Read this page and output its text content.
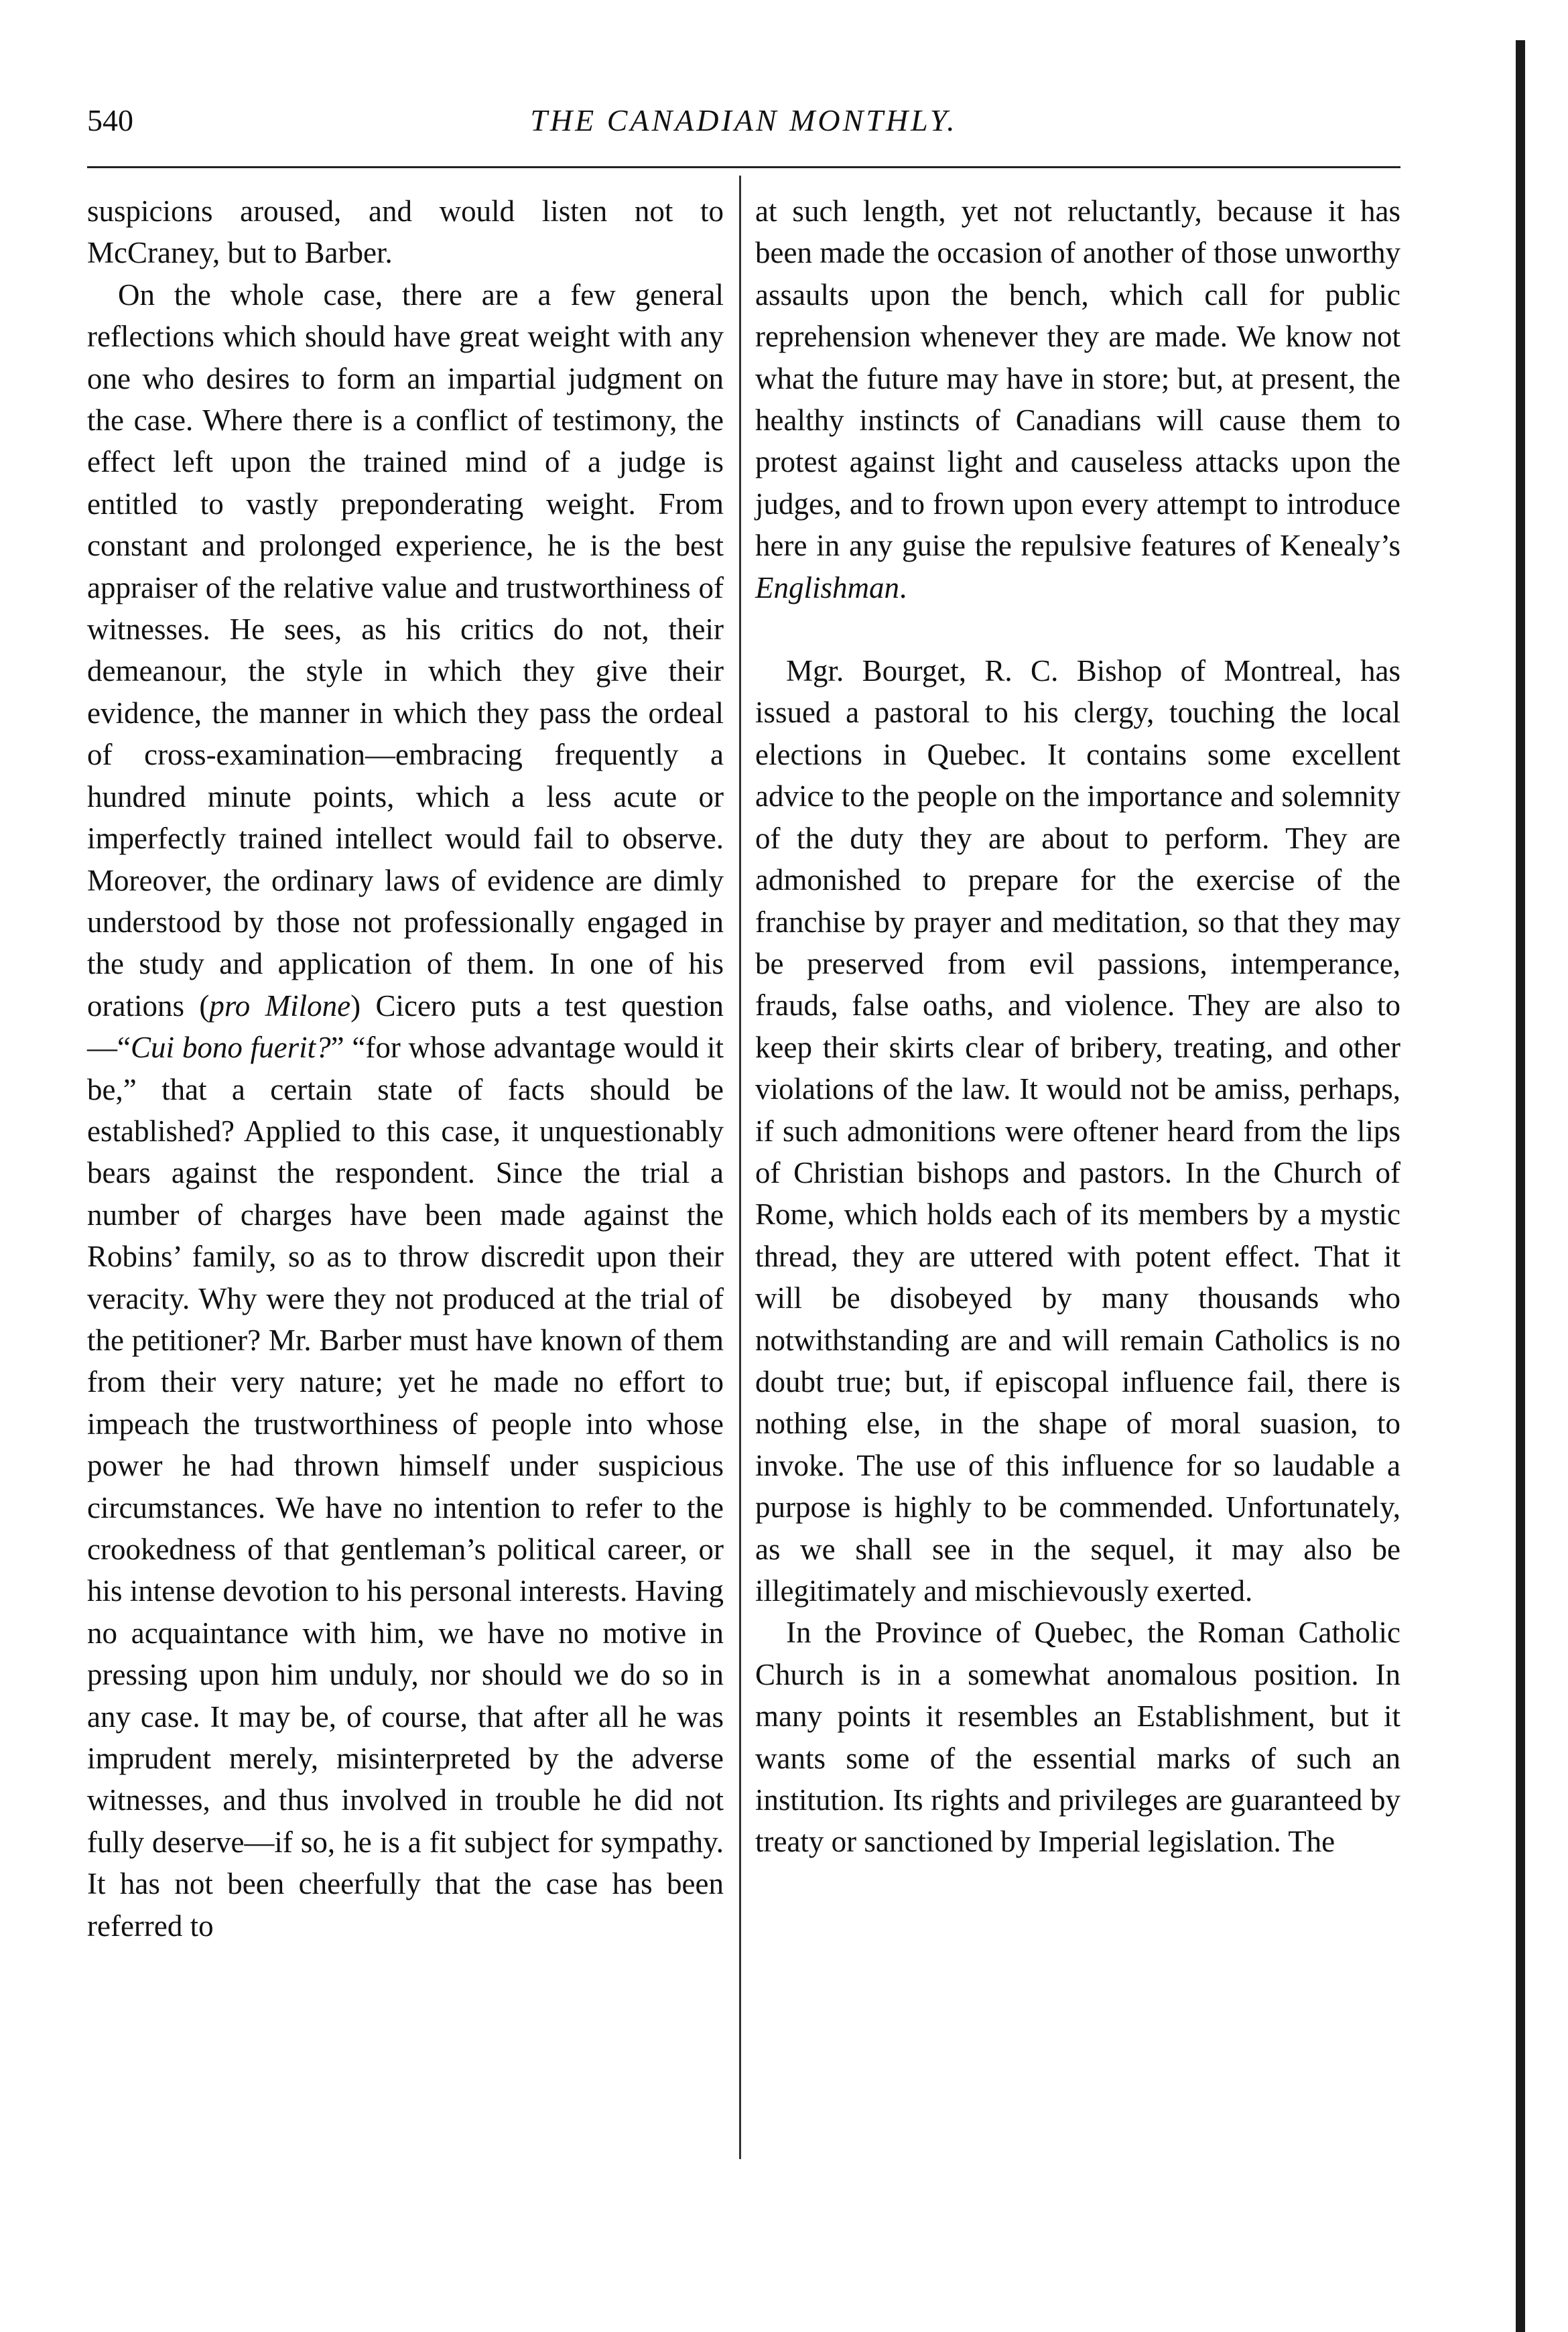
540	THE CANADIAN MONTHLY.

suspicions aroused, and would listen not to McCraney, but to Barber.

On the whole case, there are a few general reflections which should have great weight with any one who desires to form an impartial judgment on the case. Where there is a conflict of testimony, the effect left upon the trained mind of a judge is entitled to vastly preponderating weight. From constant and prolonged experience, he is the best appraiser of the relative value and trustworthiness of witnesses. He sees, as his critics do not, their demeanour, the style in which they give their evidence, the manner in which they pass the ordeal of cross-examination—embracing frequently a hundred minute points, which a less acute or imperfectly trained intellect would fail to observe. Moreover, the ordinary laws of evidence are dimly understood by those not professionally engaged in the study and application of them. In one of his orations (pro Milone) Cicero puts a test question —“Cui bono fuerit?” “for whose advantage would it be,” that a certain state of facts should be established? Applied to this case, it unquestionably bears against the respondent. Since the trial a number of charges have been made against the Robins’ family, so as to throw discredit upon their veracity. Why were they not produced at the trial of the petitioner? Mr. Barber must have known of them from their very nature; yet he made no effort to impeach the trustworthiness of people into whose power he had thrown himself under suspicious circumstances. We have no intention to refer to the crookedness of that gentleman’s political career, or his intense devotion to his personal interests. Having no acquaintance with him, we have no motive in pressing upon him unduly, nor should we do so in any case. It may be, of course, that after all he was imprudent merely, misinterpreted by the adverse witnesses, and thus involved in trouble he did not fully deserve—if so, he is a fit subject for sympathy. It has not been cheerfully that the case has been referred to

at such length, yet not reluctantly, because it has been made the occasion of another of those unworthy assaults upon the bench, which call for public reprehension whenever they are made. We know not what the future may have in store; but, at present, the healthy instincts of Canadians will cause them to protest against light and causeless attacks upon the judges, and to frown upon every attempt to introduce here in any guise the repulsive features of Kenealy’s Englishman.

Mgr. Bourget, R. C. Bishop of Montreal, has issued a pastoral to his clergy, touching the local elections in Quebec. It contains some excellent advice to the people on the importance and solemnity of the duty they are about to perform. They are admonished to prepare for the exercise of the franchise by prayer and meditation, so that they may be preserved from evil passions, intemperance, frauds, false oaths, and violence. They are also to keep their skirts clear of bribery, treating, and other violations of the law. It would not be amiss, perhaps, if such admonitions were oftener heard from the lips of Christian bishops and pastors. In the Church of Rome, which holds each of its members by a mystic thread, they are uttered with potent effect. That it will be disobeyed by many thousands who notwithstanding are and will remain Catholics is no doubt true; but, if episcopal influence fail, there is nothing else, in the shape of moral suasion, to invoke. The use of this influence for so laudable a purpose is highly to be commended. Unfortunately, as we shall see in the sequel, it may also be illegitimately and mischievously exerted.

In the Province of Quebec, the Roman Catholic Church is in a somewhat anomalous position. In many points it resembles an Establishment, but it wants some of the essential marks of such an institution. Its rights and privileges are guaranteed by treaty or sanctioned by Imperial legislation. The
